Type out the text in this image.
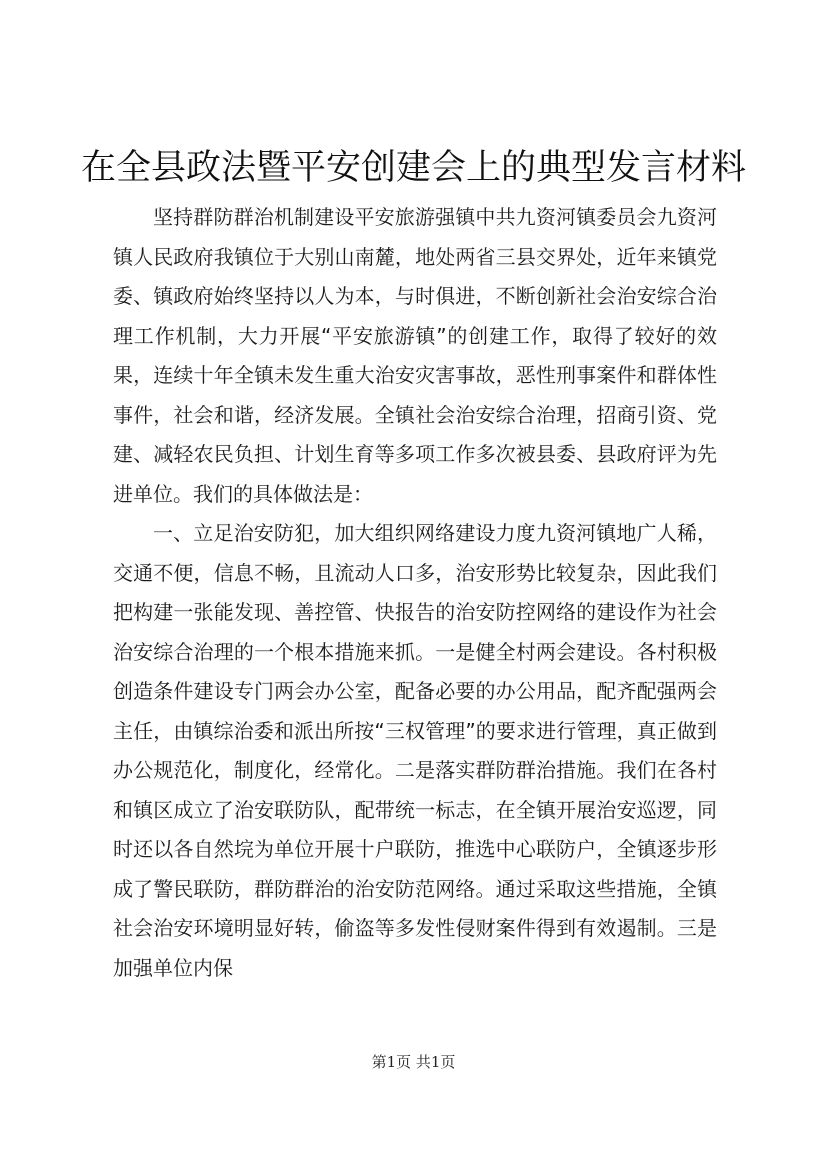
在全县政法暨平安创建会上的典型发言材料

坚持群防群治机制建设平安旅游强镇中共九资河镇委员会九资河镇人民政府我镇位于大别山南麓，地处两省三县交界处，近年来镇党委、镇政府始终坚持以人为本，与时俱进，不断创新社会治安综合治理工作机制，大力开展“平安旅游镇”的创建工作，取得了较好的效果，连续十年全镇未发生重大治安灾害事故，恶性刑事案件和群体性事件，社会和谐，经济发展。全镇社会治安综合治理，招商引资、党建、减轻农民负担、计划生育等多项工作多次被县委、县政府评为先进单位。我们的具体做法是：

一、立足治安防犯，加大组织网络建设力度九资河镇地广人稀，交通不便，信息不畅，且流动人口多，治安形势比较复杂，因此我们把构建一张能发现、善控管、快报告的治安防控网络的建设作为社会治安综合治理的一个根本措施来抓。一是健全村两会建设。各村积极创造条件建设专门两会办公室，配备必要的办公用品，配齐配强两会主任，由镇综治委和派出所按“三权管理”的要求进行管理，真正做到办公规范化，制度化，经常化。二是落实群防群治措施。我们在各村和镇区成立了治安联防队，配带统一标志，在全镇开展治安巡逻，同时还以各自然垸为单位开展十户联防，推选中心联防户，全镇逐步形成了警民联防，群防群治的治安防范网络。通过采取这些措施，全镇社会治安环境明显好转，偷盗等多发性侵财案件得到有效遏制。三是加强单位内保

第1页 共1页
